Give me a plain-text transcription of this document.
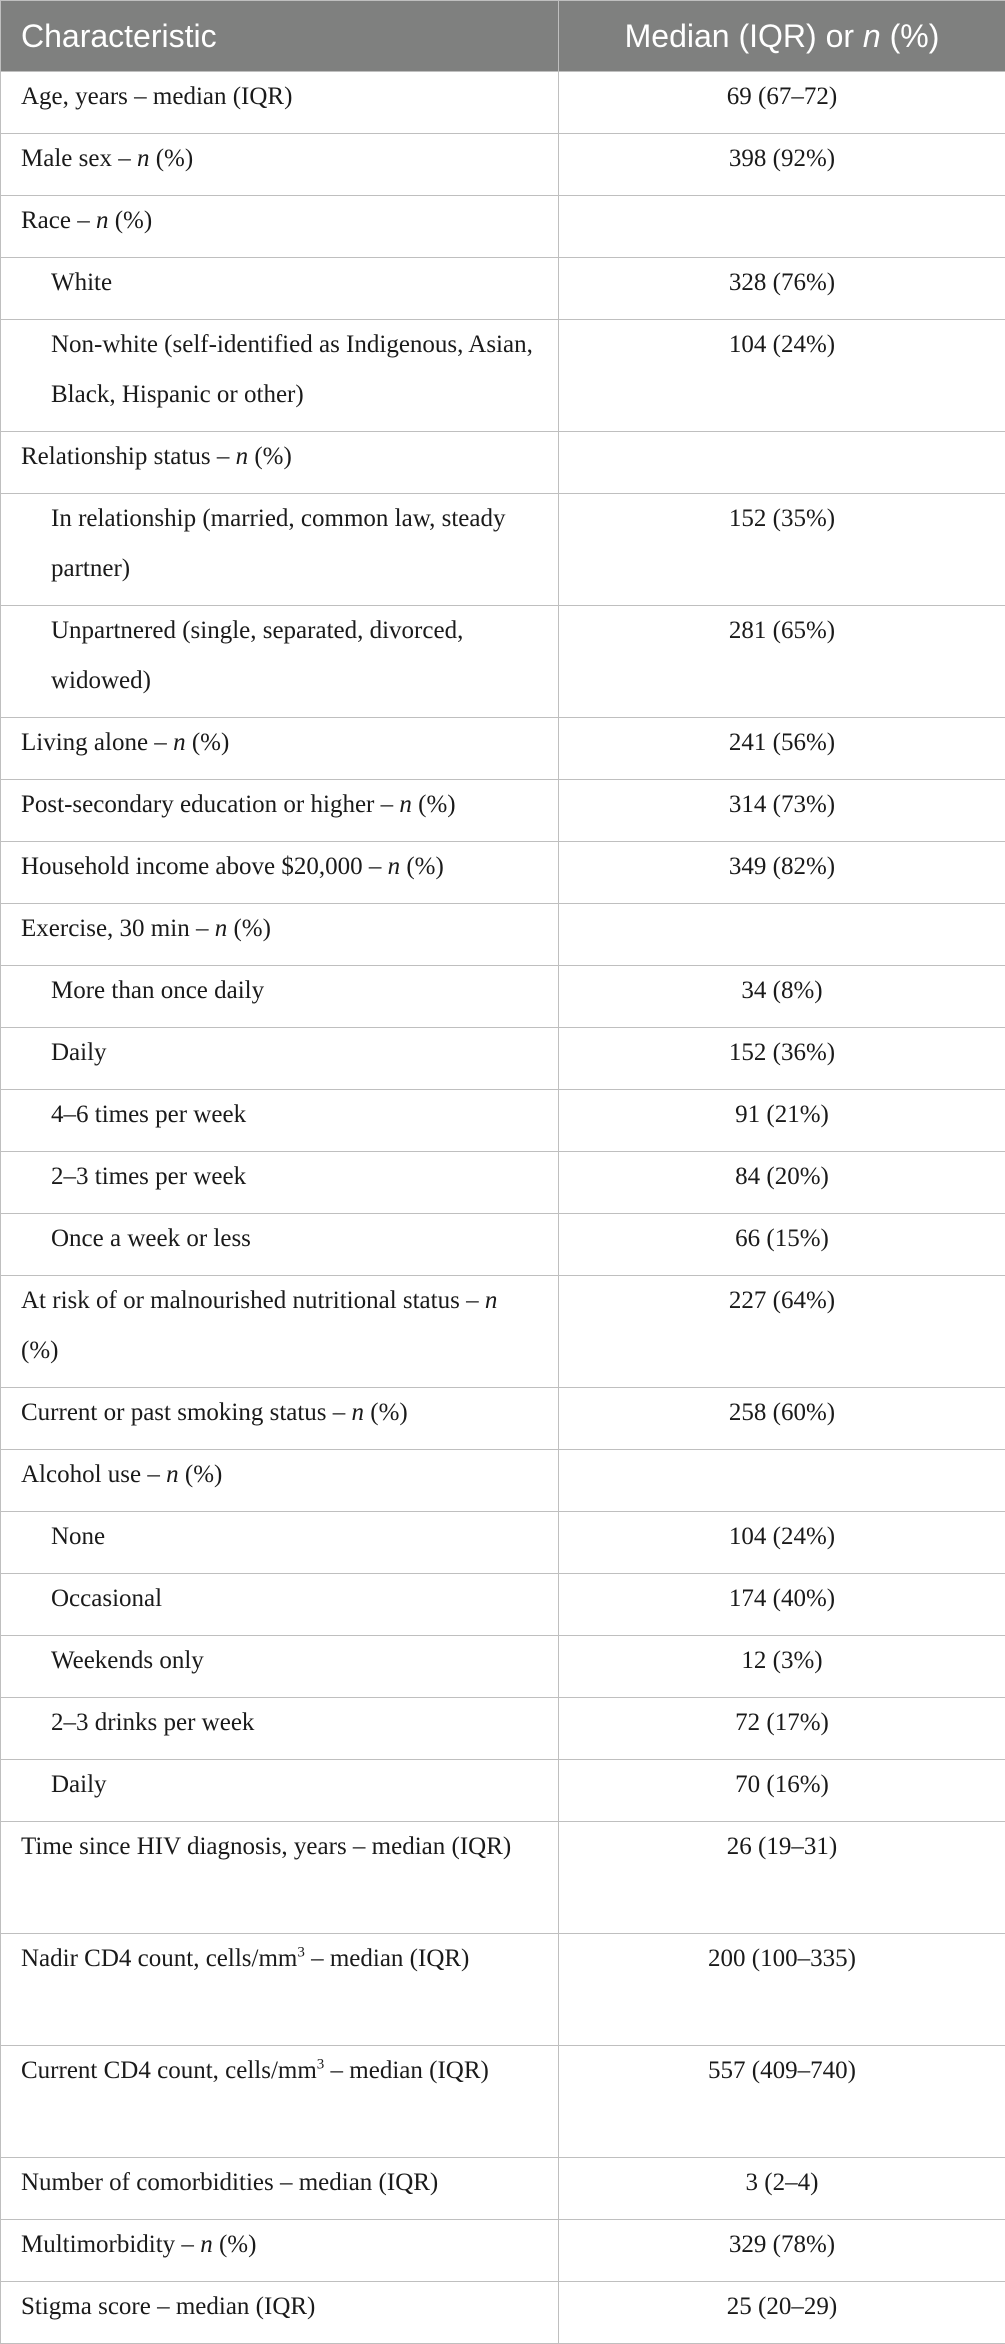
Characteristic	Median (IQR) or n (%)

Age, years – median (IQR)	69 (67–72)

Male sex – n (%)	398 (92%)

Race – n (%)	

White	328 (76%)

Non-white (self-identified as Indigenous, Asian, Black, Hispanic or other)	104 (24%)

Relationship status – n (%)	

In relationship (married, common law, steady partner)	152 (35%)

Unpartnered (single, separated, divorced, widowed)	281 (65%)

Living alone – n (%)	241 (56%)

Post-secondary education or higher – n (%)	314 (73%)

Household income above $20,000 – n (%)	349 (82%)

Exercise, 30 min – n (%)	

More than once daily	34 (8%)

Daily	152 (36%)

4–6 times per week	91 (21%)

2–3 times per week	84 (20%)

Once a week or less	66 (15%)

At risk of or malnourished nutritional status – n (%)	227 (64%)

Current or past smoking status – n (%)	258 (60%)

Alcohol use – n (%)	

None	104 (24%)

Occasional	174 (40%)

Weekends only	12 (3%)

2–3 drinks per week	72 (17%)

Daily	70 (16%)

Time since HIV diagnosis, years – median (IQR)	26 (19–31)

Nadir CD4 count, cells/$mm^3$ – median (IQR)	200 (100–335)

Current CD4 count, cells/$mm^3$ – median (IQR)	557 (409–740)

Number of comorbidities – median (IQR)	3 (2–4)

Multimorbidity – n (%)	329 (78%)

Stigma score – median (IQR)	25 (20–29)
